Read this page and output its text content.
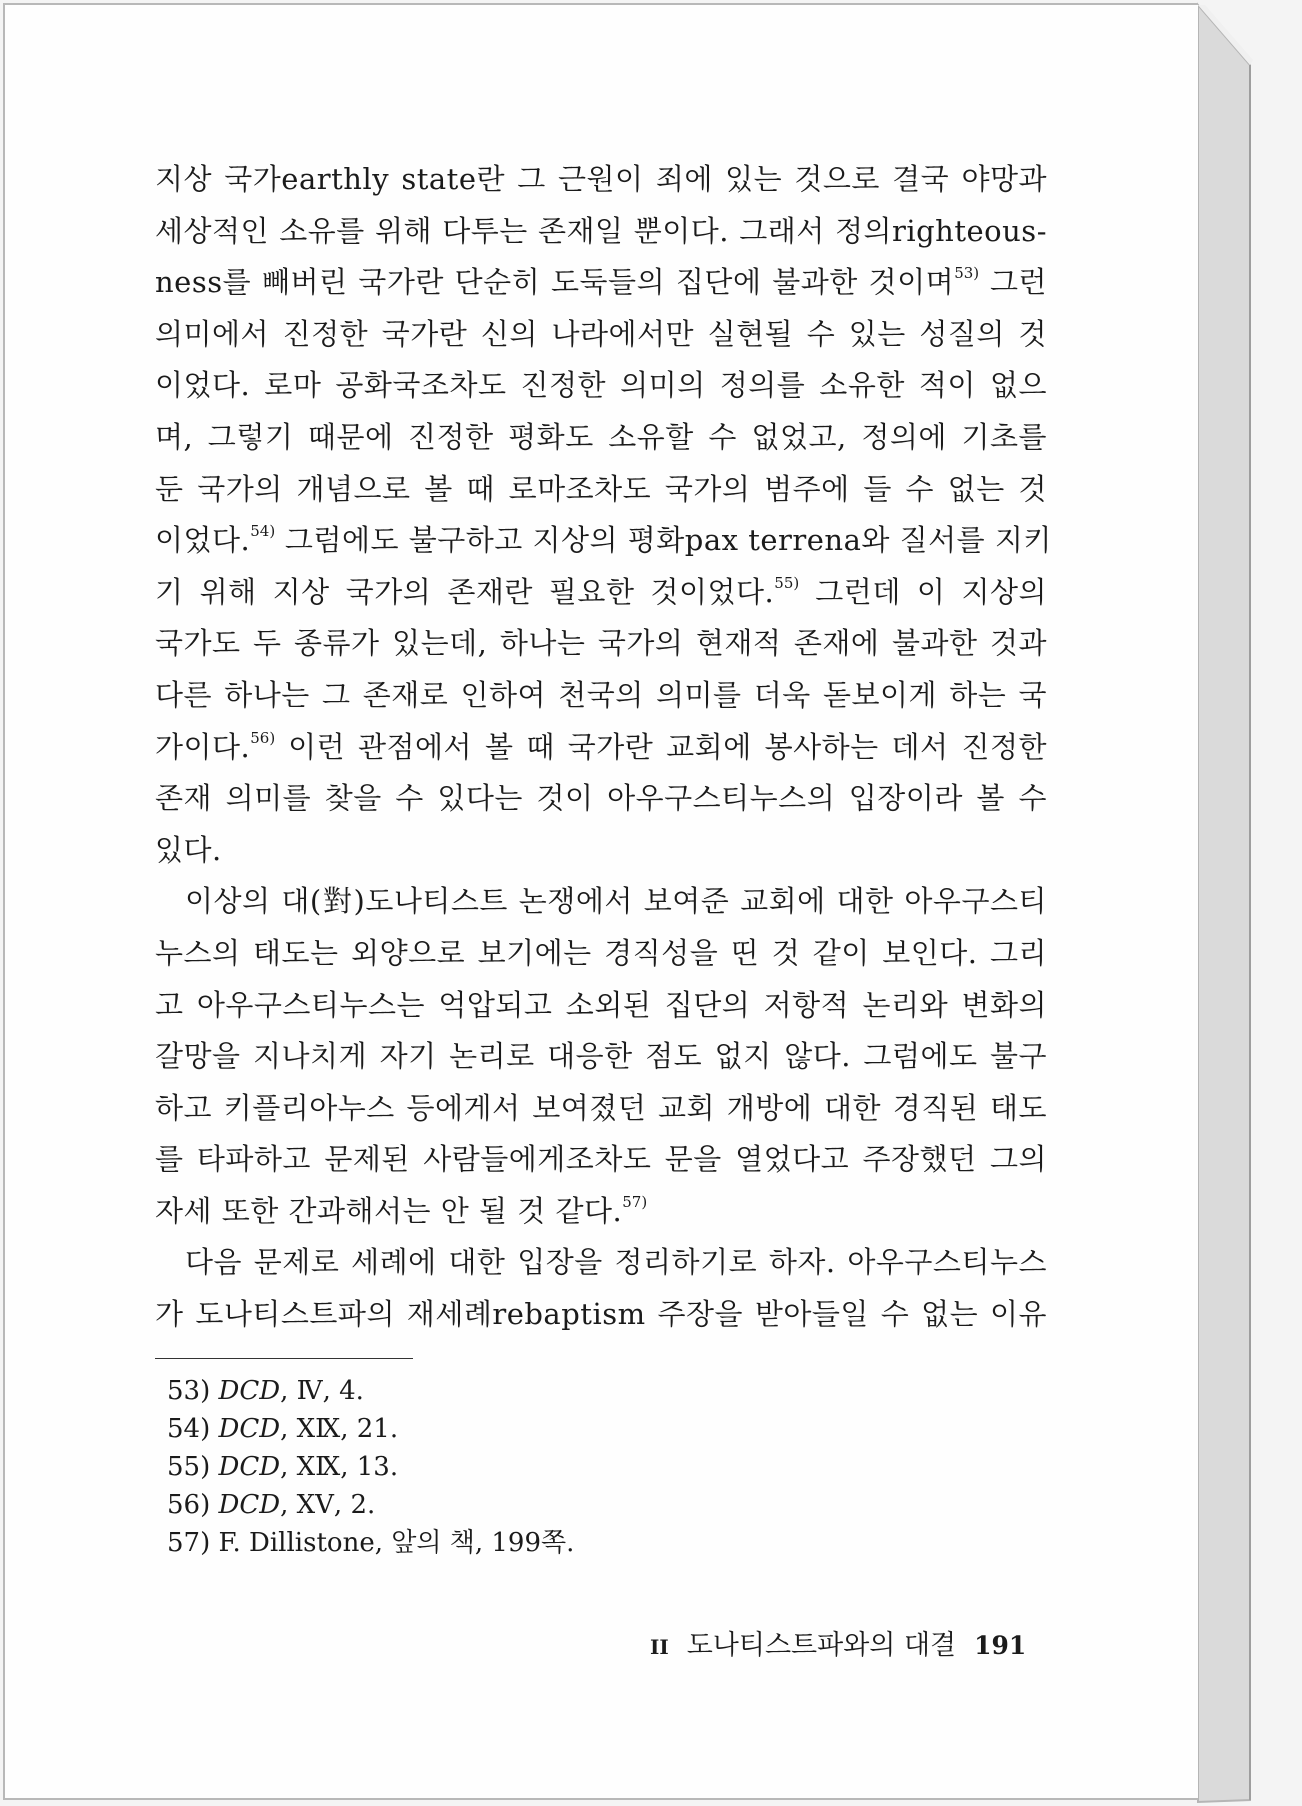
지상 국가earthly state란 그 근원이 죄에 있는 것으로 결국 야망과
세상적인 소유를 위해 다투는 존재일 뿐이다. 그래서 정의righteous-
ness를 빼버린 국가란 단순히 도둑들의 집단에 불과한 것이며$^{53)}$ 그런
의미에서 진정한 국가란 신의 나라에서만 실현될 수 있는 성질의 것
이었다. 로마 공화국조차도 진정한 의미의 정의를 소유한 적이 없으
며, 그렇기 때문에 진정한 평화도 소유할 수 없었고, 정의에 기초를
둔 국가의 개념으로 볼 때 로마조차도 국가의 범주에 들 수 없는 것
이었다.$^{54)}$ 그럼에도 불구하고 지상의 평화pax terrena와 질서를 지키
기 위해 지상 국가의 존재란 필요한 것이었다.$^{55)}$ 그런데 이 지상의
국가도 두 종류가 있는데, 하나는 국가의 현재적 존재에 불과한 것과
다른 하나는 그 존재로 인하여 천국의 의미를 더욱 돋보이게 하는 국
가이다.$^{56)}$ 이런 관점에서 볼 때 국가란 교회에 봉사하는 데서 진정한
존재 의미를 찾을 수 있다는 것이 아우구스티누스의 입장이라 볼 수
있다.
이상의 대(對)도나티스트 논쟁에서 보여준 교회에 대한 아우구스티
누스의 태도는 외양으로 보기에는 경직성을 띤 것 같이 보인다. 그리
고 아우구스티누스는 억압되고 소외된 집단의 저항적 논리와 변화의
갈망을 지나치게 자기 논리로 대응한 점도 없지 않다. 그럼에도 불구
하고 키플리아누스 등에게서 보여졌던 교회 개방에 대한 경직된 태도
를 타파하고 문제된 사람들에게조차도 문을 열었다고 주장했던 그의
자세 또한 간과해서는 안 될 것 같다.$^{57)}$
다음 문제로 세례에 대한 입장을 정리하기로 하자. 아우구스티누스
가 도나티스트파의 재세례rebaptism 주장을 받아들일 수 없는 이유
53) DCD, Ⅳ, 4.
54) DCD, ⅩⅨ, 21.
55) DCD, ⅩⅨ, 13.
56) DCD, ⅩⅤ, 2.
57) F. Dillistone, 앞의 책, 199쪽.
II 도나티스트파와의 대결 191
